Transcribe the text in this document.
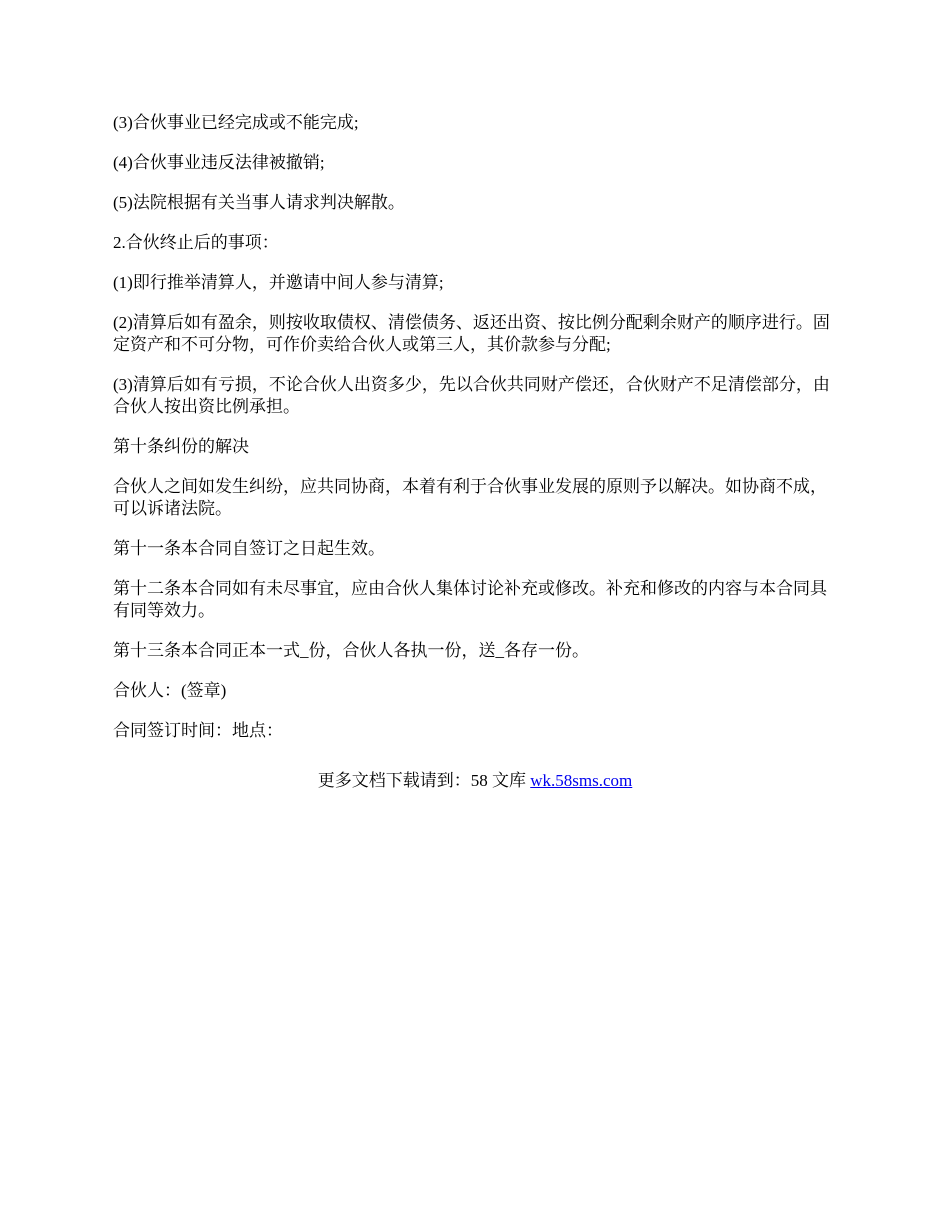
(3)合伙事业已经完成或不能完成;

(4)合伙事业违反法律被撤销;

(5)法院根据有关当事人请求判决解散。

2.合伙终止后的事项：

(1)即行推举清算人，并邀请中间人参与清算;

(2)清算后如有盈余，则按收取债权、清偿债务、返还出资、按比例分配剩余财产的顺序进行。固定资产和不可分物，可作价卖给合伙人或第三人，其价款参与分配;

(3)清算后如有亏损，不论合伙人出资多少，先以合伙共同财产偿还，合伙财产不足清偿部分，由合伙人按出资比例承担。

第十条纠份的解决

合伙人之间如发生纠纷，应共同协商，本着有利于合伙事业发展的原则予以解决。如协商不成，可以诉诸法院。

第十一条本合同自签订之日起生效。

第十二条本合同如有未尽事宜，应由合伙人集体讨论补充或修改。补充和修改的内容与本合同具有同等效力。

第十三条本合同正本一式_份，合伙人各执一份，送_各存一份。

合伙人：(签章)

合同签订时间：地点：

更多文档下载请到：58 文库 wk.58sms.com
